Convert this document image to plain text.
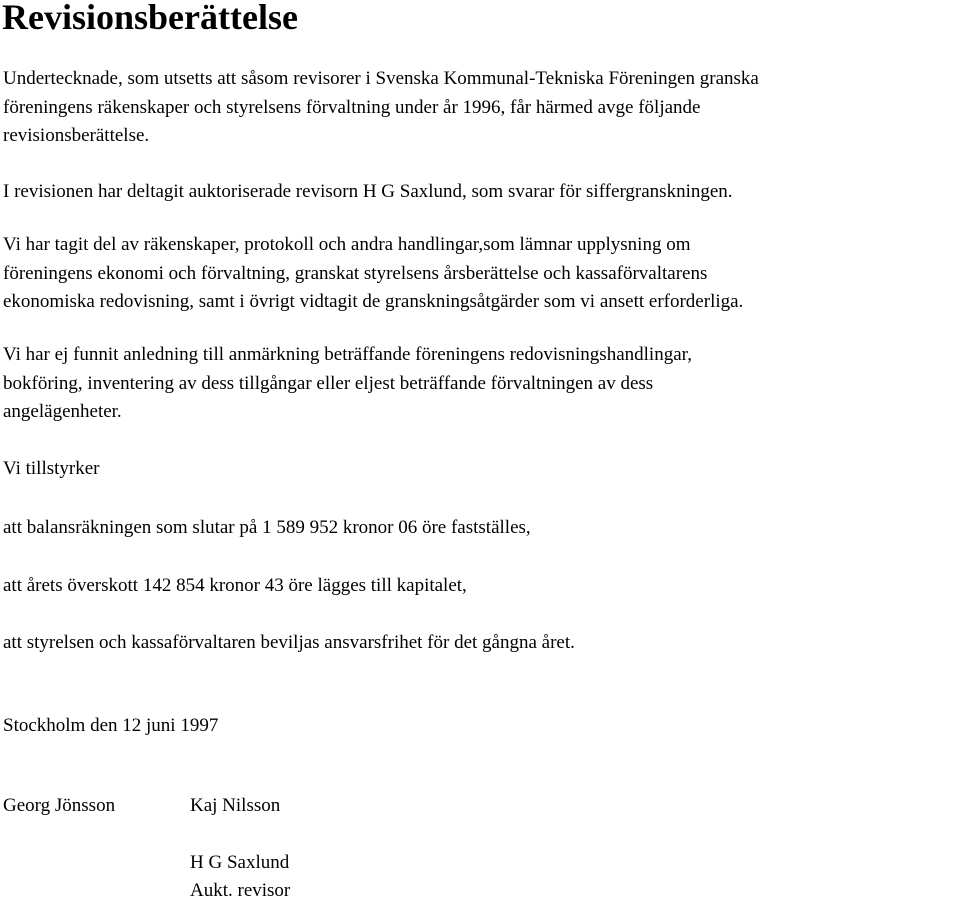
Revisionsberättelse

Undertecknade, som utsetts att såsom revisorer i Svenska Kommunal-Tekniska Föreningen granska
föreningens räkenskaper och styrelsens förvaltning under år 1996, får härmed avge följande
revisionsberättelse.

I revisionen har deltagit auktoriserade revisorn H G Saxlund, som svarar för siffergranskningen.

Vi har tagit del av räkenskaper, protokoll och andra handlingar,som lämnar upplysning om
föreningens ekonomi och förvaltning, granskat styrelsens årsberättelse och kassaförvaltarens
ekonomiska redovisning, samt i övrigt vidtagit de granskningsåtgärder som vi ansett erforderliga.

Vi har ej funnit anledning till anmärkning beträffande föreningens redovisningshandlingar,
bokföring, inventering av dess tillgångar eller eljest beträffande förvaltningen av dess
angelägenheter.

Vi tillstyrker

att balansräkningen som slutar på 1 589 952 kronor 06 öre fastställes,

att årets överskott 142 854 kronor 43 öre lägges till kapitalet,

att styrelsen och kassaförvaltaren beviljas ansvarsfrihet för det gångna året.

Stockholm den 12 juni 1997

Georg Jönsson	Kaj Nilsson

H G Saxlund

Aukt. revisor
